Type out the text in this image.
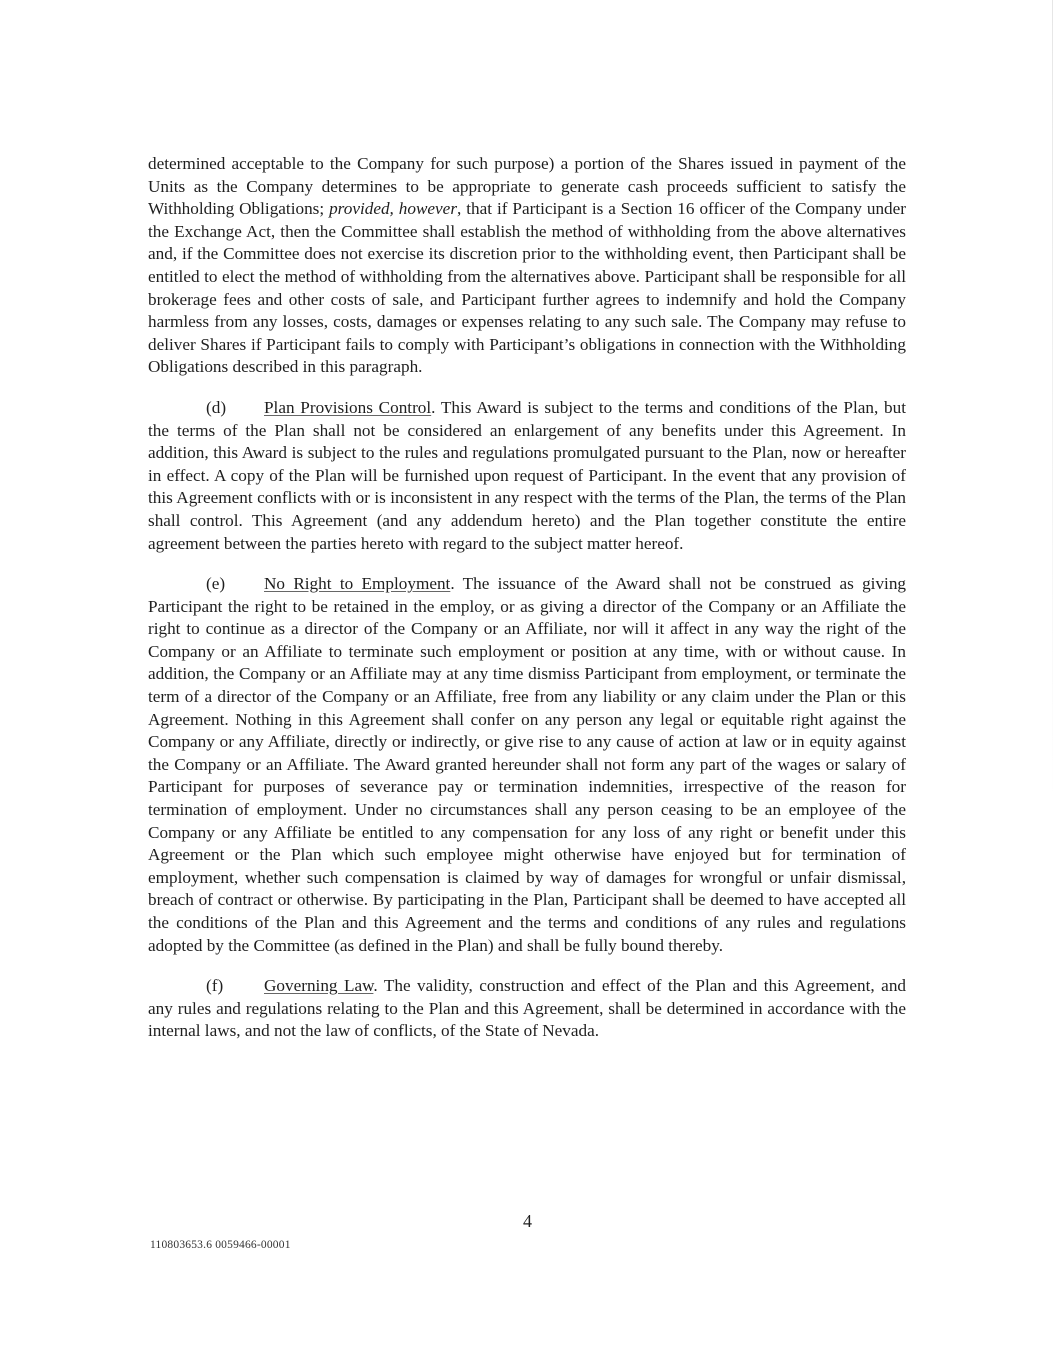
determined acceptable to the Company for such purpose) a portion of the Shares issued in payment of the Units as the Company determines to be appropriate to generate cash proceeds sufficient to satisfy the Withholding Obligations; provided, however, that if Participant is a Section 16 officer of the Company under the Exchange Act, then the Committee shall establish the method of withholding from the above alternatives and, if the Committee does not exercise its discretion prior to the withholding event, then Participant shall be entitled to elect the method of withholding from the alternatives above. Participant shall be responsible for all brokerage fees and other costs of sale, and Participant further agrees to indemnify and hold the Company harmless from any losses, costs, damages or expenses relating to any such sale. The Company may refuse to deliver Shares if Participant fails to comply with Participant’s obligations in connection with the Withholding Obligations described in this paragraph.

(d) Plan Provisions Control. This Award is subject to the terms and conditions of the Plan, but the terms of the Plan shall not be considered an enlargement of any benefits under this Agreement. In addition, this Award is subject to the rules and regulations promulgated pursuant to the Plan, now or hereafter in effect. A copy of the Plan will be furnished upon request of Participant. In the event that any provision of this Agreement conflicts with or is inconsistent in any respect with the terms of the Plan, the terms of the Plan shall control. This Agreement (and any addendum hereto) and the Plan together constitute the entire agreement between the parties hereto with regard to the subject matter hereof.

(e) No Right to Employment. The issuance of the Award shall not be construed as giving Participant the right to be retained in the employ, or as giving a director of the Company or an Affiliate the right to continue as a director of the Company or an Affiliate, nor will it affect in any way the right of the Company or an Affiliate to terminate such employment or position at any time, with or without cause. In addition, the Company or an Affiliate may at any time dismiss Participant from employment, or terminate the term of a director of the Company or an Affiliate, free from any liability or any claim under the Plan or this Agreement. Nothing in this Agreement shall confer on any person any legal or equitable right against the Company or any Affiliate, directly or indirectly, or give rise to any cause of action at law or in equity against the Company or an Affiliate. The Award granted hereunder shall not form any part of the wages or salary of Participant for purposes of severance pay or termination indemnities, irrespective of the reason for termination of employment. Under no circumstances shall any person ceasing to be an employee of the Company or any Affiliate be entitled to any compensation for any loss of any right or benefit under this Agreement or the Plan which such employee might otherwise have enjoyed but for termination of employment, whether such compensation is claimed by way of damages for wrongful or unfair dismissal, breach of contract or otherwise. By participating in the Plan, Participant shall be deemed to have accepted all the conditions of the Plan and this Agreement and the terms and conditions of any rules and regulations adopted by the Committee (as defined in the Plan) and shall be fully bound thereby.

(f) Governing Law. The validity, construction and effect of the Plan and this Agreement, and any rules and regulations relating to the Plan and this Agreement, shall be determined in accordance with the internal laws, and not the law of conflicts, of the State of Nevada.

4
110803653.6 0059466-00001
